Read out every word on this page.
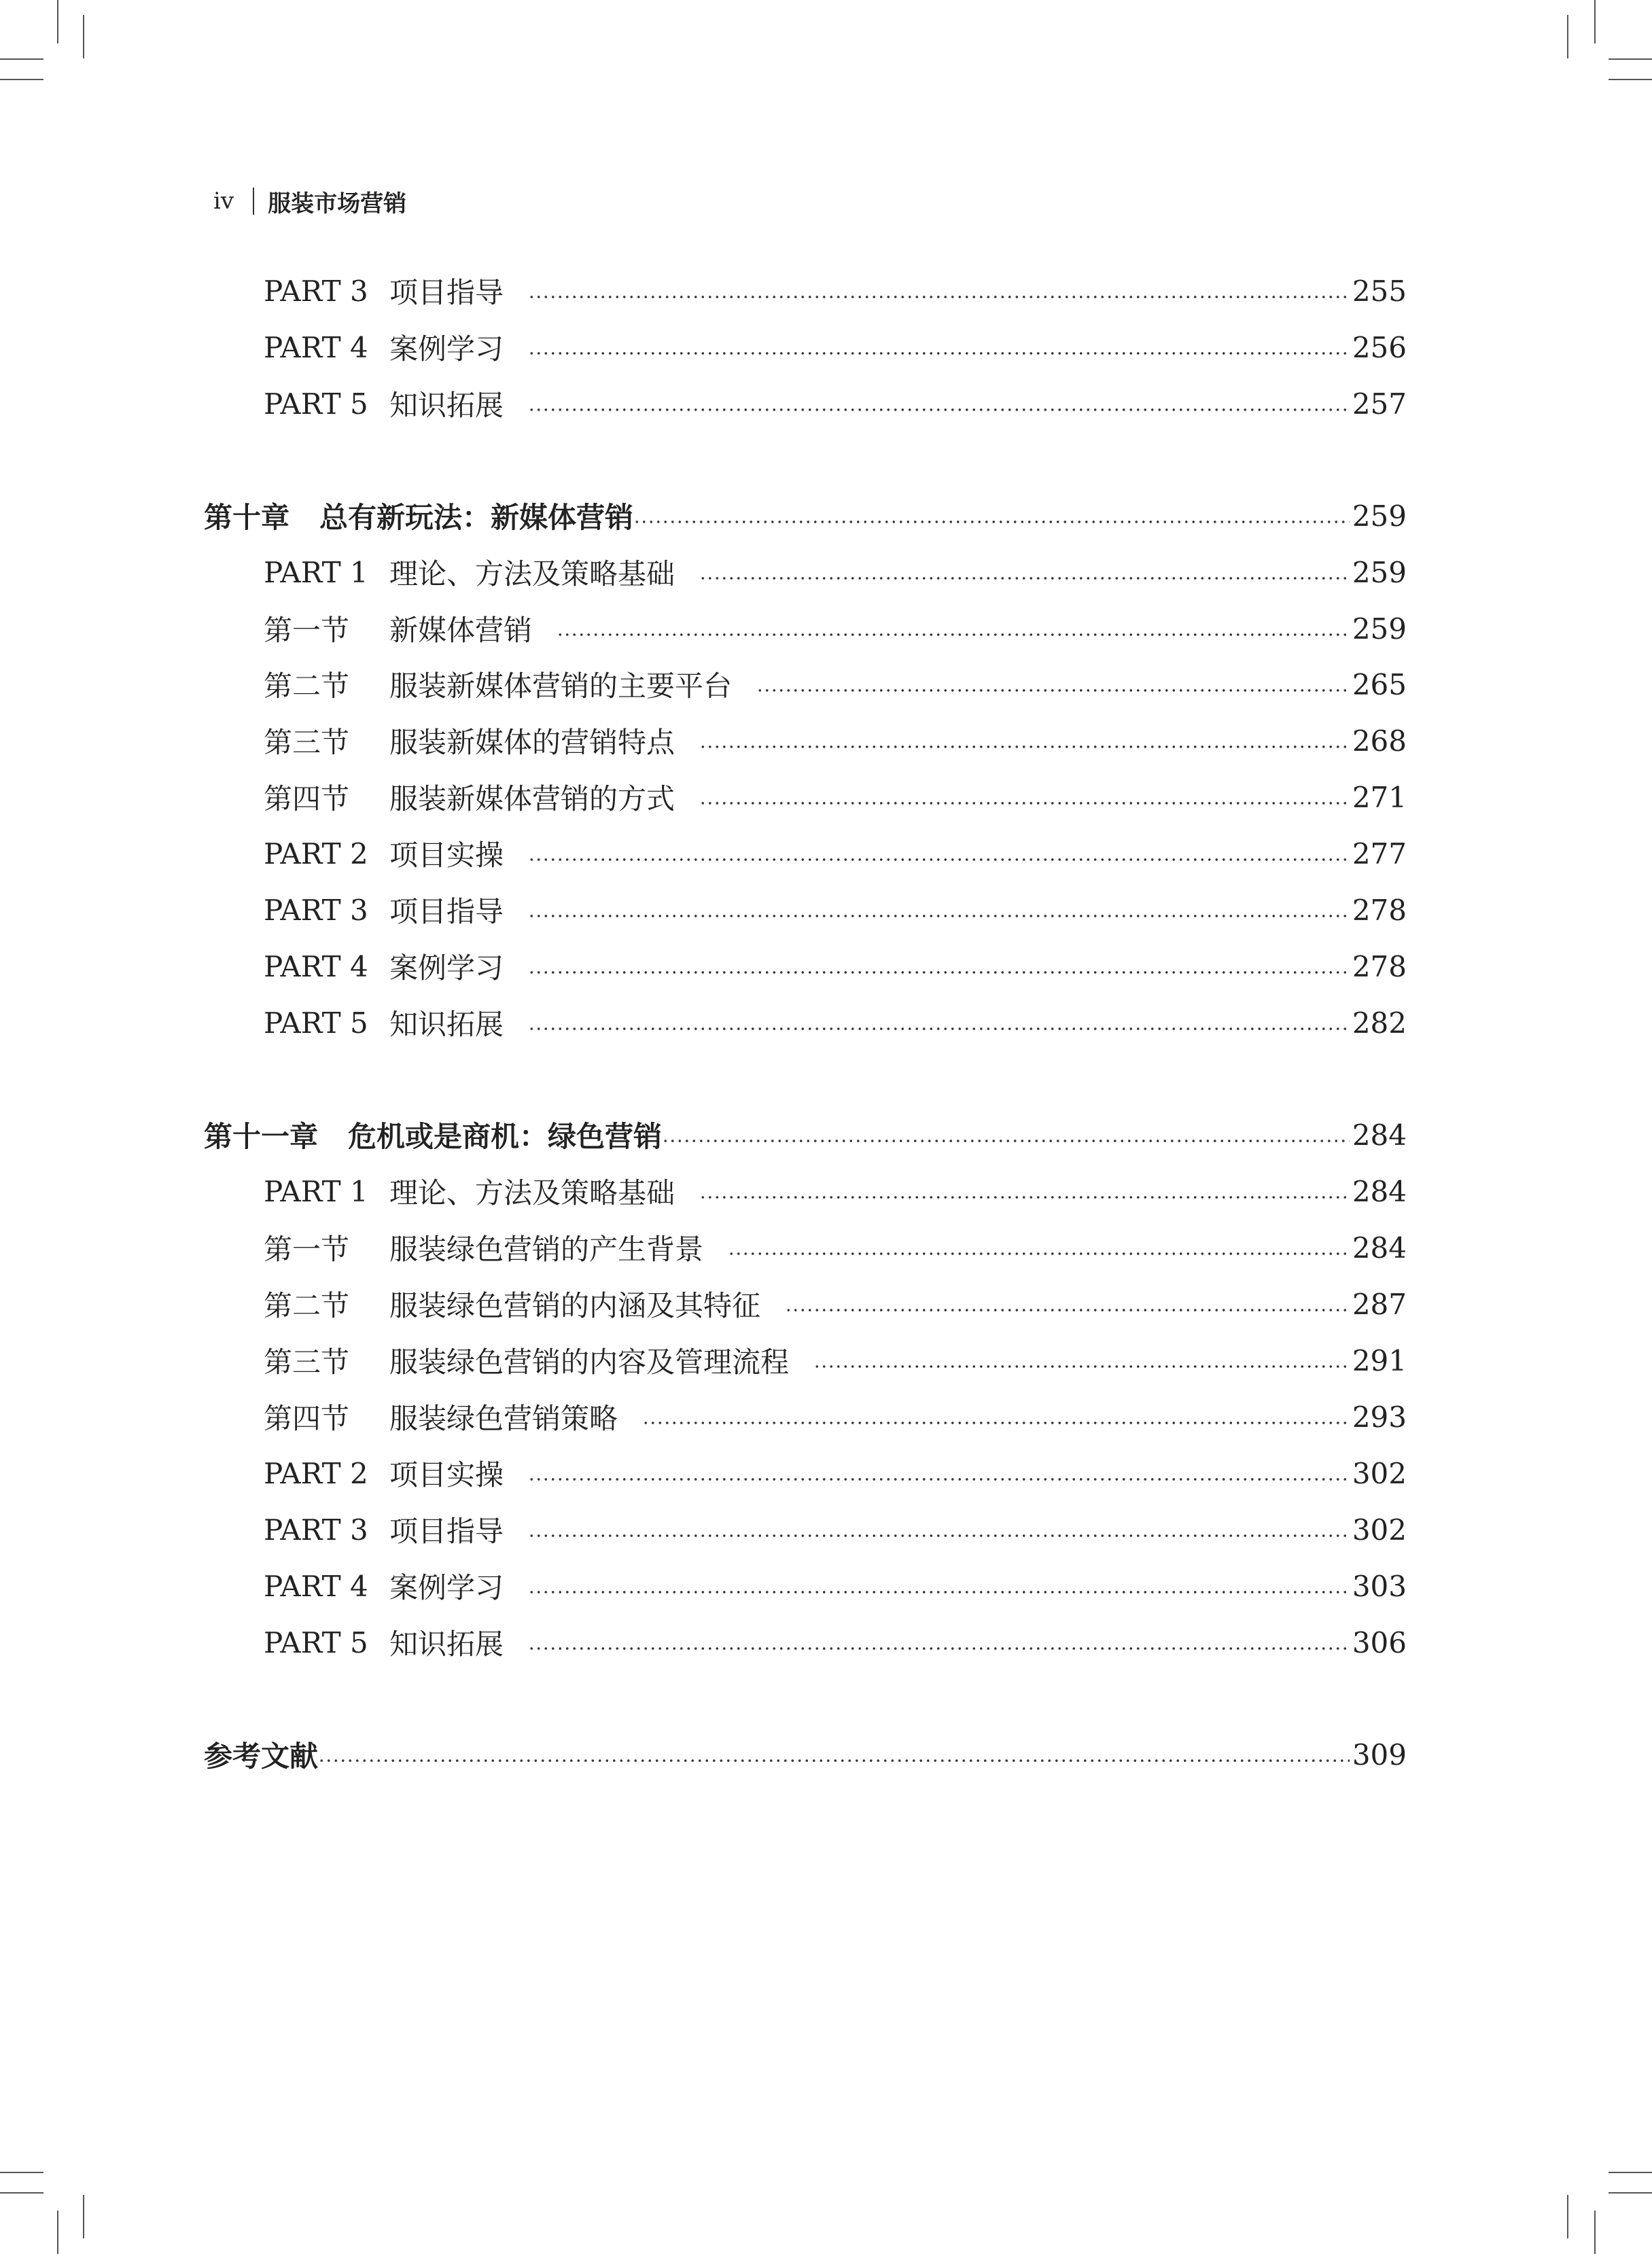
iv 服装市场营销
PART 3 项目指导	255
PART 4 案例学习	256
PART 5 知识拓展	257
第十章 总有新玩法：新媒体营销	259
PART 1 理论、方法及策略基础	259
第一节	新媒体营销	259
第二节	服装新媒体营销的主要平台	265
第三节	服装新媒体的营销特点	268
第四节	服装新媒体营销的方式	271
PART 2 项目实操	277
PART 3 项目指导	278
PART 4 案例学习	278
PART 5 知识拓展	282
第十一章 危机或是商机：绿色营销	284
PART 1 理论、方法及策略基础	284
第一节	服装绿色营销的产生背景	284
第二节	服装绿色营销的内涵及其特征	287
第三节	服装绿色营销的内容及管理流程	291
第四节	服装绿色营销策略	293
PART 2 项目实操	302
PART 3 项目指导	302
PART 4 案例学习	303
PART 5 知识拓展	306
参考文献	309
